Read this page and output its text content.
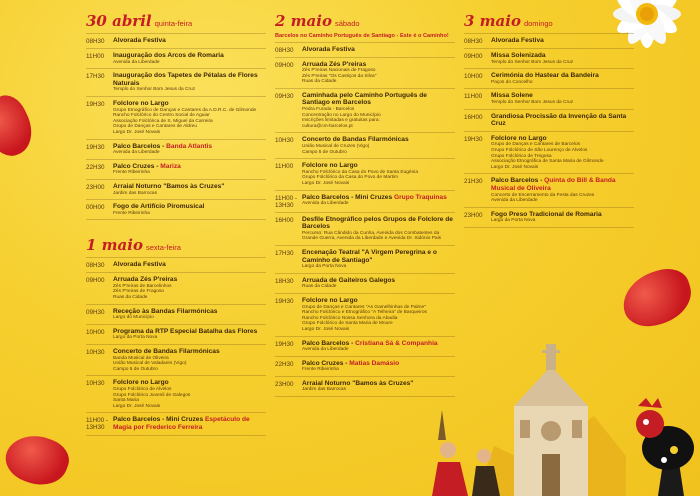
30 abril quinta-feira
08H30	Alvorada Festiva
11H00	Inauguração dos Arcos de Romaria
Avenida da Liberdade
17H30	Inauguração dos Tapetes de Pétalas de Flores Naturais
Templo do Senhor Bom Jesus da Cruz
19H30	Folclore no Largo
Grupo Etnográfico de Danças e Cantares da A.D.R.C. de Gilmonde
Rancho Folclórico do Centro Social de Aguiar
Associação Folclórica de S. Miguel da Carreira
Grupo de Danças e Cantares de Aldreu
Largo Dr. José Novais
19H30	Palco Barcelos - Banda Atlantis
Avenida da Liberdade
22H30	Palco Cruzes - Mariza
Frente Ribeirinha
23H00	Arraial Noturno "Bamos às Cruzes"
Jardim das Barrocas
00H00	Fogo de Artifício Piromusical
Frente Ribeirinha
1 maio sexta-feira
08H30	Alvorada Festiva
09H00	Arruada Zés P'reiras
Zés P'reiras de Barcelinhos
Zés P'reiras de Fragoso
Ruas da Cidade
09H30	Receção às Bandas Filarmónicas
Largo do Município
10H00	Programa da RTP Especial Batalha das Flores
Largo da Porta Nova
10H30	Concerto de Bandas Filarmónicas
Banda Musical de Oliveira
União Musical de Valadares (Vigo)
Campo 5 de Outubro
10H30	Folclore no Largo
Grupo Folclórico de Alvelos
Grupo Folclórico Juvenil de Galegos
Santa Maria
Largo Dr. José Novais
11H00 - 13H30
Palco Barcelos - Mini Cruzes Espetáculo de Magia por Frederico Ferreira
2 maio sábado
Barcelos no Caminho Português de Santiago - Este é o Caminho!
08H30	Alvorada Festiva
09H00	Arruada Zés P'reiras
Zés P'reiras Nacionais de Fragoso
Zés P'reiras "Os Castiços da Silva"
Ruas da Cidade
09H30	Caminhada pelo Caminho Português de Santiago em Barcelos
Pedra Furada - Barcelos
Concentração no Largo do Município
Inscrições limitadas e gratuitas para:
cultura@cm-barcelos.pt
10H30	Concerto de Bandas Filarmónicas
União Musical de Cruzes (Vigo)
Campo 5 de Outubro
11H00	Folclore no Largo
Rancho Folclórico da Casa do Povo de Santa Eugénia
Grupo Folclórico da Casa do Povo de Martim
Largo Dr. José Novais
11H00 - 13H30
Palco Barcelos - Mini Cruzes Grupo Traquinas
Avenida da Liberdade
16H00	Desfile Etnográfico pelos Grupos de Folclore de Barcelos
Percurso: Rua Cândido da Cunha, Avenida dos Combatentes da Grande Guerra, Avenida da Liberdade e Avenida Dr. Sidónio Pais
17H30	Encenação Teatral "A Virgem Peregrina e o Caminho de Santiago"
Largo da Porta Nova
18H30	Arruada de Gaiteiros Galegos
Ruas da Cidade
19H30	Folclore no Largo
Grupo de Danças e Cantares "As Gamelhinhas de Palme"
Rancho Folclórico e Etnográfico "A Telheira" de Barqueiros
Rancho Folclórico Nossa Senhora da Abadia
Grupo Folclórico de Santa Maria de Moure
Largo Dr. José Novais
19H30	Palco Barcelos - Cristiana Sá & Companhia
Avenida da Liberdade
22H30	Palco Cruzes - Matias Damásio
Frente Ribeirinha
23H00	Arraial Noturno "Bamos às Cruzes"
Jardim das Barrocas
3 maio domingo
08H30	Alvorada Festiva
09H00	Missa Solenizada
Templo do Senhor Bom Jesus da Cruz
10H00	Cerimónia do Hastear da Bandeira
Paços do Concelho
11H00	Missa Solene
Templo do Senhor Bom Jesus da Cruz
16H00	Grandiosa Procissão da Invenção da Santa Cruz
19H30	Folclore no Largo
Grupo de Danças e Cantares de Barcelos
Grupo Folclórico de São Lourenço de Alvelos
Grupo Folclórico de Tregosa
Associação Etnográfica de Santa Maria de Gilmonde
Largo Dr. José Novais
21H30	Palco Barcelos - Quinta do Bill & Banda Musical de Oliveira
Concerto de Encerramento da Festa das Cruzes
Avenida da Liberdade
23H00	Fogo Preso Tradicional de Romaria
Largo da Porta Nova
